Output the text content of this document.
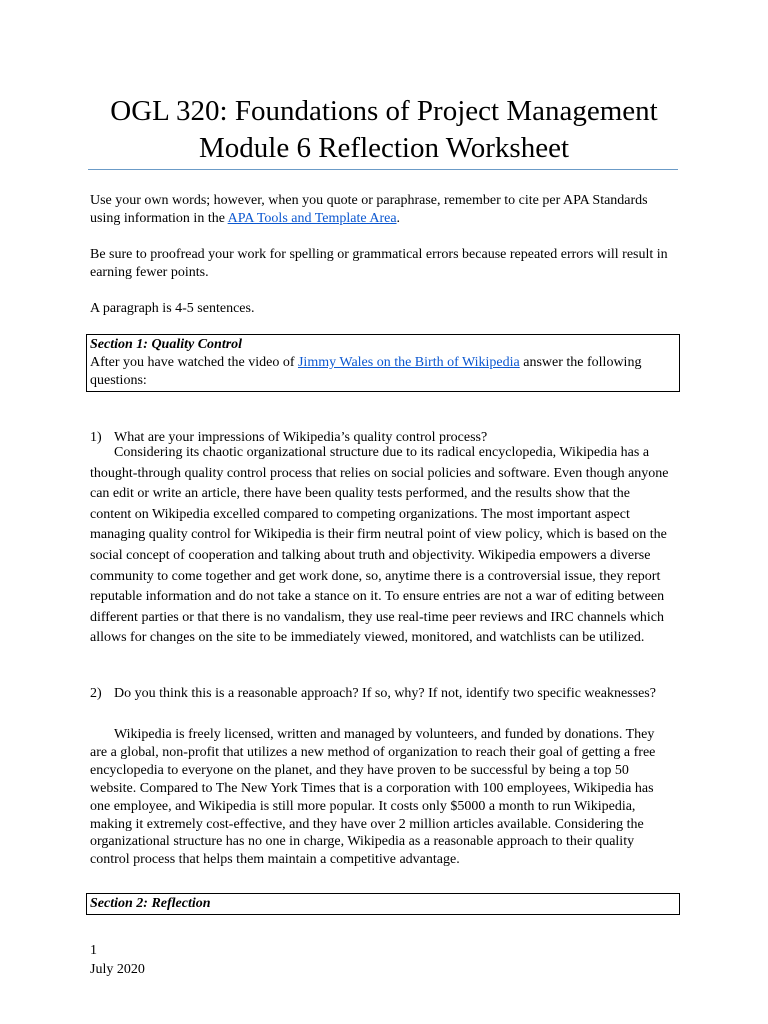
OGL 320: Foundations of Project Management
Module 6 Reflection Worksheet

Use your own words; however, when you quote or paraphrase, remember to cite per APA Standards using information in the APA Tools and Template Area.

Be sure to proofread your work for spelling or grammatical errors because repeated errors will result in earning fewer points.

A paragraph is 4-5 sentences.

Section 1: Quality Control
After you have watched the video of Jimmy Wales on the Birth of Wikipedia answer the following questions:
1) What are your impressions of Wikipedia’s quality control process?

Considering its chaotic organizational structure due to its radical encyclopedia, Wikipedia has a thought-through quality control process that relies on social policies and software. Even though anyone can edit or write an article, there have been quality tests performed, and the results show that the content on Wikipedia excelled compared to competing organizations. The most important aspect managing quality control for Wikipedia is their firm neutral point of view policy, which is based on the social concept of cooperation and talking about truth and objectivity. Wikipedia empowers a diverse community to come together and get work done, so, anytime there is a controversial issue, they report reputable information and do not take a stance on it. To ensure entries are not a war of editing between different parties or that there is no vandalism, they use real-time peer reviews and IRC channels which allows for changes on the site to be immediately viewed, monitored, and watchlists can be utilized.

2) Do you think this is a reasonable approach? If so, why? If not, identify two specific weaknesses?

Wikipedia is freely licensed, written and managed by volunteers, and funded by donations. They are a global, non-profit that utilizes a new method of organization to reach their goal of getting a free encyclopedia to everyone on the planet, and they have proven to be successful by being a top 50 website. Compared to The New York Times that is a corporation with 100 employees, Wikipedia has one employee, and Wikipedia is still more popular. It costs only $5000 a month to run Wikipedia, making it extremely cost-effective, and they have over 2 million articles available. Considering the organizational structure has no one in charge, Wikipedia as a reasonable approach to their quality control process that helps them maintain a competitive advantage.

Section 2: Reflection
1
July 2020
